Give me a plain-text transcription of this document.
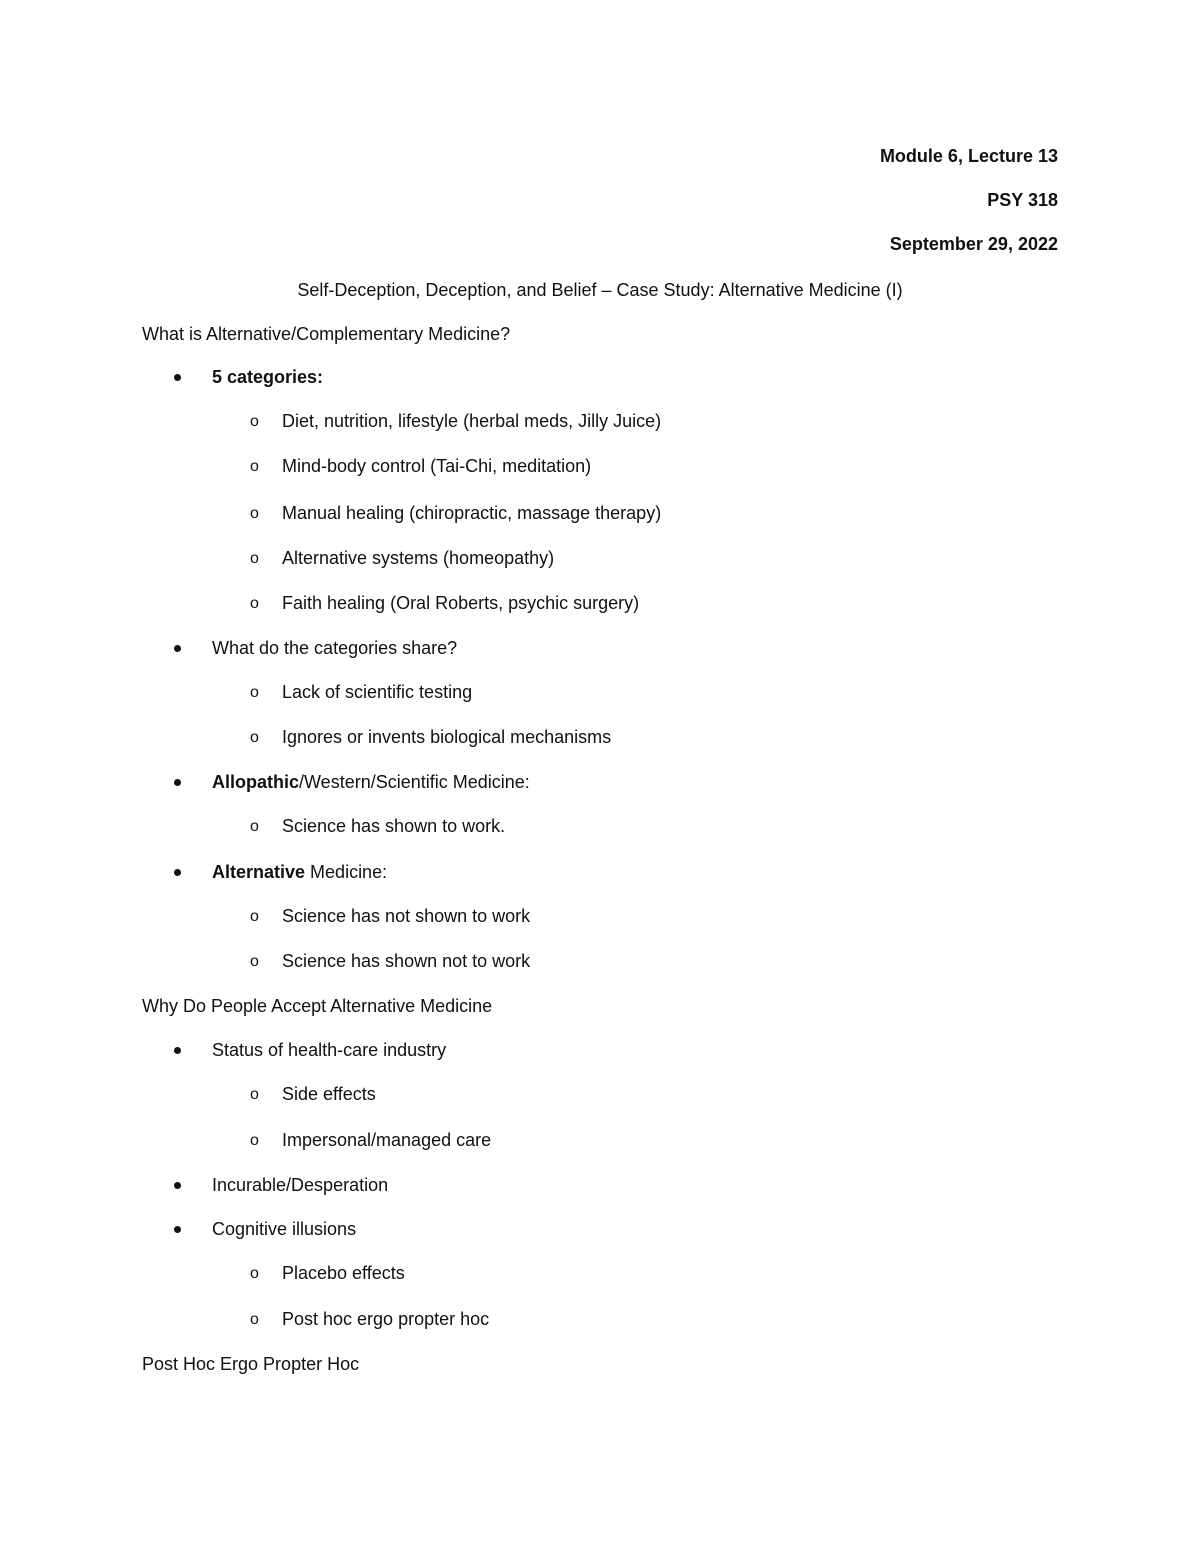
Module 6, Lecture 13
PSY 318
September 29, 2022
Self-Deception, Deception, and Belief – Case Study: Alternative Medicine (I)
What is Alternative/Complementary Medicine?
5 categories:
o Diet, nutrition, lifestyle (herbal meds, Jilly Juice)
o Mind-body control (Tai-Chi, meditation)
o Manual healing (chiropractic, massage therapy)
o Alternative systems (homeopathy)
o Faith healing (Oral Roberts, psychic surgery)
What do the categories share?
o Lack of scientific testing
o Ignores or invents biological mechanisms
Allopathic/Western/Scientific Medicine:
o Science has shown to work.
Alternative Medicine:
o Science has not shown to work
o Science has shown not to work
Why Do People Accept Alternative Medicine
Status of health-care industry
o Side effects
o Impersonal/managed care
Incurable/Desperation
Cognitive illusions
o Placebo effects
o Post hoc ergo propter hoc
Post Hoc Ergo Propter Hoc
